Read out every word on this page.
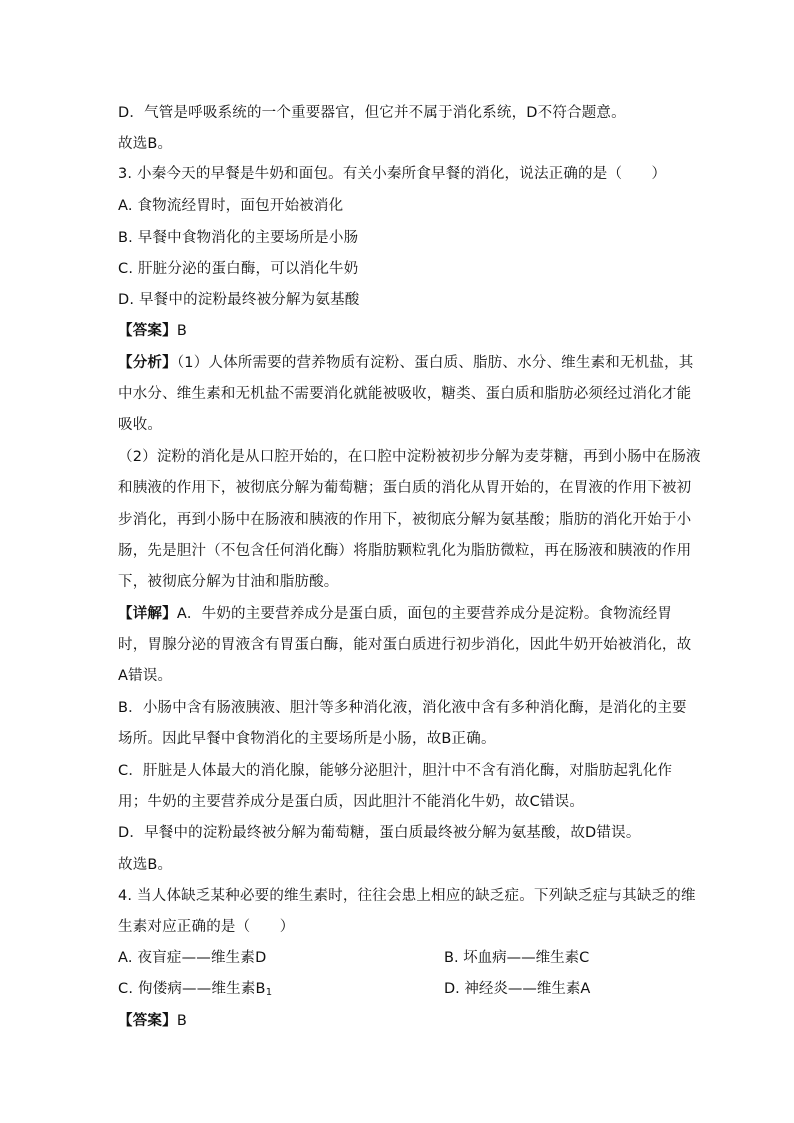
D．气管是呼吸系统的一个重要器官，但它并不属于消化系统，D不符合题意。
故选B。
3. 小秦今天的早餐是牛奶和面包。有关小秦所食早餐的消化，说法正确的是（　　）
A. 食物流经胃时，面包开始被消化
B. 早餐中食物消化的主要场所是小肠
C. 肝脏分泌的蛋白酶，可以消化牛奶
D. 早餐中的淀粉最终被分解为氨基酸
【答案】B
【分析】（1）人体所需要的营养物质有淀粉、蛋白质、脂肪、水分、维生素和无机盐，其
中水分、维生素和无机盐不需要消化就能被吸收，糖类、蛋白质和脂肪必须经过消化才能
吸收。
（2）淀粉的消化是从口腔开始的，在口腔中淀粉被初步分解为麦芽糖，再到小肠中在肠液
和胰液的作用下，被彻底分解为葡萄糖；蛋白质的消化从胃开始的，在胃液的作用下被初
步消化，再到小肠中在肠液和胰液的作用下，被彻底分解为氨基酸；脂肪的消化开始于小
肠，先是胆汁（不包含任何消化酶）将脂肪颗粒乳化为脂肪微粒，再在肠液和胰液的作用
下，被彻底分解为甘油和脂肪酸。
【详解】A．牛奶的主要营养成分是蛋白质，面包的主要营养成分是淀粉。食物流经胃
时，胃腺分泌的胃液含有胃蛋白酶，能对蛋白质进行初步消化，因此牛奶开始被消化，故
A错误。
B．小肠中含有肠液胰液、胆汁等多种消化液，消化液中含有多种消化酶，是消化的主要
场所。因此早餐中食物消化的主要场所是小肠，故B正确。
C．肝脏是人体最大的消化腺，能够分泌胆汁，胆汁中不含有消化酶，对脂肪起乳化作
用；牛奶的主要营养成分是蛋白质，因此胆汁不能消化牛奶，故C错误。
D．早餐中的淀粉最终被分解为葡萄糖，蛋白质最终被分解为氨基酸，故D错误。
故选B。
4. 当人体缺乏某种必要的维生素时，往往会患上相应的缺乏症。下列缺乏症与其缺乏的维
生素对应正确的是（　　）
A. 夜盲症——维生素D	B. 坏血病——维生素C
C. 佝偻病——维生素$B_1$	D. 神经炎——维生素A
【答案】B
